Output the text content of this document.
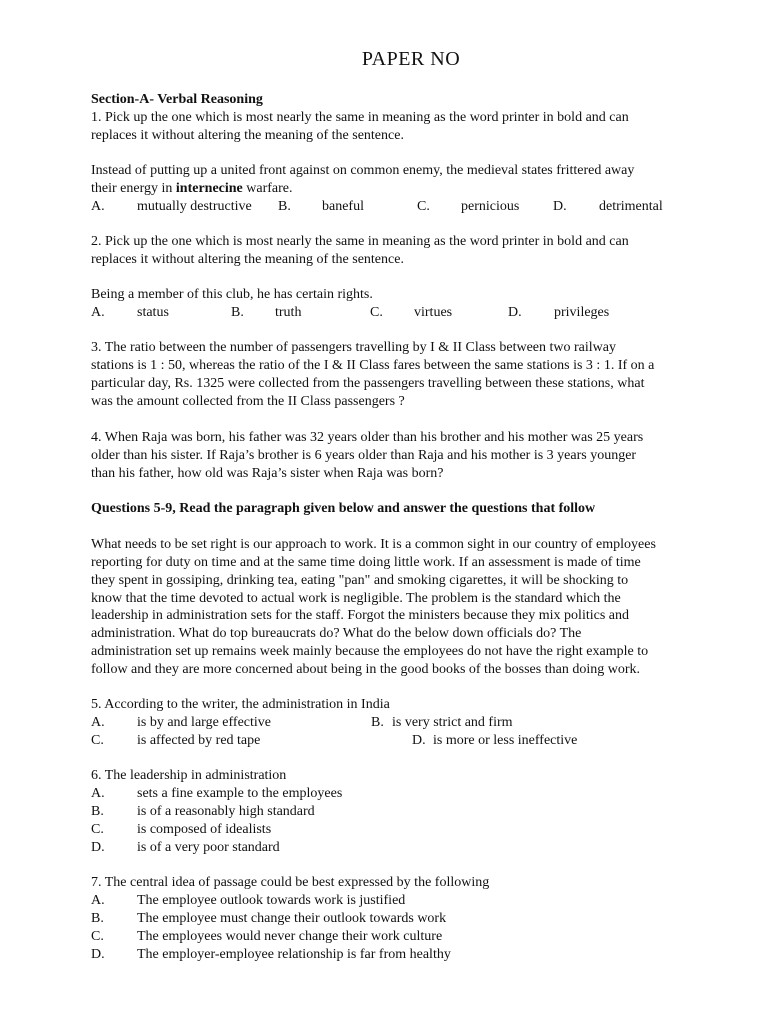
PAPER NO
Section-A- Verbal Reasoning
1. Pick up the one which is most nearly the same in meaning as the word printer in bold and can
replaces it without altering the meaning of the sentence.
Instead of putting up a united front against on common enemy, the medieval states frittered away
their energy in internecine warfare.
A. mutually destructive B. baneful	C. pernicious D. detrimental
2. Pick up the one which is most nearly the same in meaning as the word printer in bold and can
replaces it without altering the meaning of the sentence.
Being a member of this club, he has certain rights.
A. status	B. truth	C. virtues	D. privileges
3. The ratio between the number of passengers travelling by I & II Class between two railway
stations is 1 : 50, whereas the ratio of the I & II Class fares between the same stations is 3 : 1. If on a
particular day, Rs. 1325 were collected from the passengers travelling between these stations, what
was the amount collected from the II Class passengers ?
4. When Raja was born, his father was 32 years older than his brother and his mother was 25 years
older than his sister. If Raja’s brother is 6 years older than Raja and his mother is 3 years younger
than his father, how old was Raja’s sister when Raja was born?
Questions 5-9, Read the paragraph given below and answer the questions that follow
What needs to be set right is our approach to work. It is a common sight in our country of employees
reporting for duty on time and at the same time doing little work. If an assessment is made of time
they spent in gossiping, drinking tea, eating "pan" and smoking cigarettes, it will be shocking to
know that the time devoted to actual work is negligible. The problem is the standard which the
leadership in administration sets for the staff. Forgot the ministers because they mix politics and
administration. What do top bureaucrats do? What do the below down officials do? The
administration set up remains week mainly because the employees do not have the right example to
follow and they are more concerned about being in the good books of the bosses than doing work.
5. According to the writer, the administration in India
A. is by and large effective	B. is very strict and firm
C. is affected by red tape	D. is more or less ineffective
6. The leadership in administration
A. sets a fine example to the employees
B. is of a reasonably high standard
C. is composed of idealists
D. is of a very poor standard
7. The central idea of passage could be best expressed by the following
A. The employee outlook towards work is justified
B. The employee must change their outlook towards work
C. The employees would never change their work culture
D. The employer-employee relationship is far from healthy
